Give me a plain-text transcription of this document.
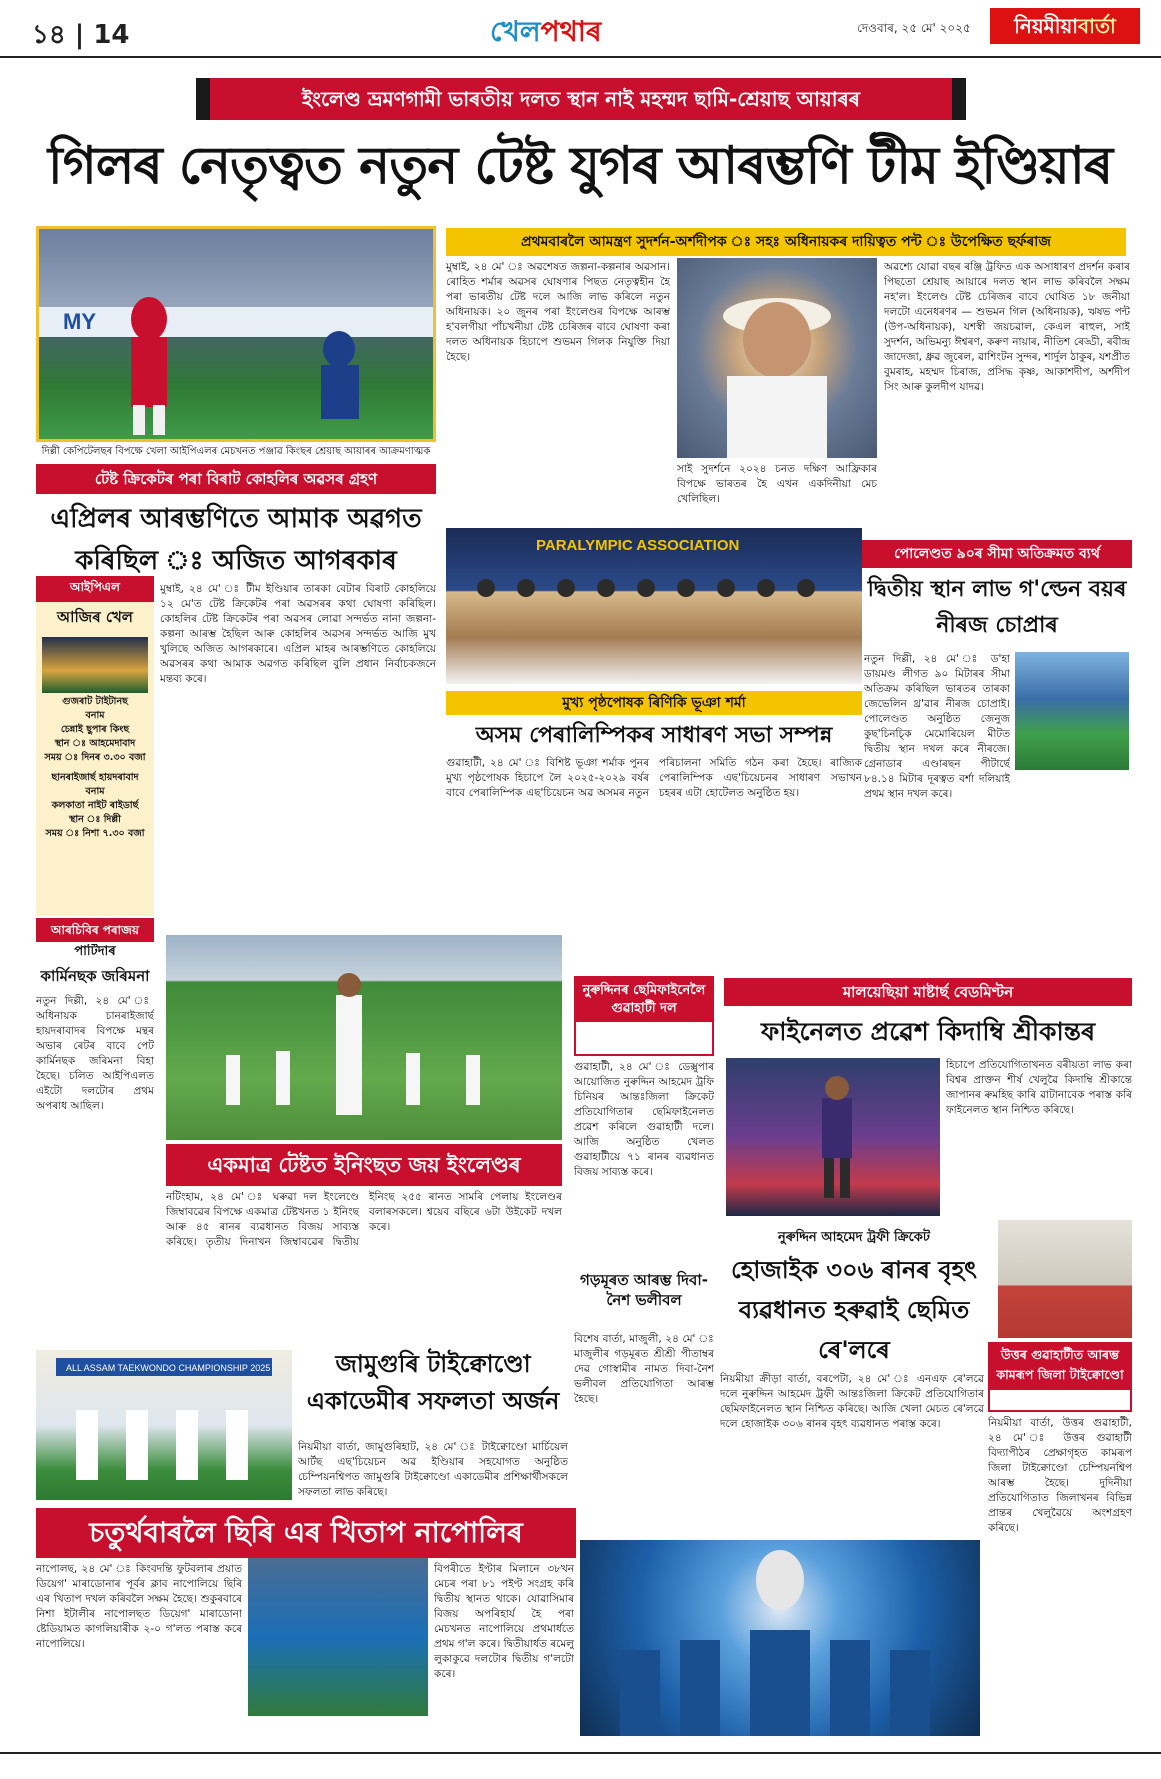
১৪ | 14	খেলপথাৰ	দেওবাৰ, ২৫ মে' ২০২৫	নিয়মীয়াবাৰ্তা
ইংলেণ্ড ভ্ৰমণগামী ভাৰতীয় দলত স্থান নাই মহম্মদ ছামি-শ্ৰেয়াছ আয়াৰৰ
গিলৰ নেতৃত্বত নতুন টেষ্ট যুগৰ আৰম্ভণি টীম ইণ্ডিয়াৰ
MY
দিল্লী কেপিটেলছৰ বিপক্ষে খেলা আইপিএলৰ মেচখনত পঞ্জাৱ কিংছৰ শ্ৰেয়াছ আয়াৰৰ আক্ৰমণাত্মক
টেষ্ট ক্ৰিকেটৰ পৰা বিৰাট কোহলিৰ অৱসৰ গ্ৰহণ
এপ্ৰিলৰ আৰম্ভণিতে আমাক অৱগত কৰিছিল ঃ অজিত আগৰকাৰ
মুম্বাই, ২৪ মে' ঃ টীম ইণ্ডিয়াৰ তাৰকা বেটাৰ বিৰাট কোহলিয়ে ১২ মে'ত টেষ্ট ক্ৰিকেটৰ পৰা অৱসৰৰ কথা ঘোষণা কৰিছিল। কোহলিৰ টেষ্ট ক্ৰিকেটৰ পৰা অৱসৰ লোৱা সন্দৰ্ভত নানা জল্পনা-কল্পনা আৰম্ভ হৈছিল আৰু কোহলিৰ অৱসৰ সন্দৰ্ভত আজি মুখ খুলিছে অজিত আগৰকাৰে। এপ্ৰিল মাহৰ আৰম্ভণিতে কোহলিয়ে অৱসৰৰ কথা আমাক অৱগত কৰিছিল বুলি প্ৰধান নিৰ্বাচকজনে মন্তব্য কৰে।
আইপিএল
আজিৰ খেল
গুজৰাট টাইটানছ
বনাম
চেন্নাই ছুপাৰ কিংছ
স্থান ঃ আহমেদাবাদ
সময় ঃ দিনৰ ৩.৩০ বজা
ছানৰাইজাৰ্ছ হায়দৰাবাদ
বনাম
কলকাতা নাইট ৰাইডাৰ্ছ
স্থান ঃ দিল্লী
সময় ঃ নিশা ৭.৩০ বজা
প্ৰথমবাৰলৈ আমন্ত্ৰণ সুদৰ্শন-অৰ্শদীপক ঃ সহঃ অধিনায়কৰ দায়িত্বত পন্ট ঃ উপেক্ষিত ছৰ্ফৰাজ
মুম্বাই, ২৪ মে' ঃ অৱশেষত জল্পনা-কল্পনাৰ অৱসান। ৰোহিত শৰ্মাৰ অৱসৰ ঘোষণাৰ পিছত নেতৃত্বহীন হৈ পৰা ভাৰতীয় টেষ্ট দলে আজি লাভ কৰিলে নতুন অধিনায়ক। ২০ জুনৰ পৰা ইংলেণ্ডৰ বিপক্ষে আৰম্ভ হ'বলগীয়া পাঁচখনীয়া টেষ্ট চেৰিজৰ বাবে ঘোষণা কৰা দলত অধিনায়ক হিচাপে শুভমন গিলক নিযুক্তি দিয়া হৈছে।
সাই সুদৰ্শনে ২০২৪ চনত দক্ষিণ আফ্ৰিকাৰ বিপক্ষে ভাৰতৰ হৈ এখন একদিনীয়া মেচ খেলিছিল।
অৱশ্যে যোৱা বছৰ ৰঞ্জি ট্ৰফিত এক অসাধাৰণ প্ৰদৰ্শন কৰাৰ পিছতো শ্ৰেয়াছ আয়াৰে দলত স্থান লাভ কৰিবলৈ সক্ষম নহ'ল। ইংলেণ্ড টেষ্ট চেৰিজৰ বাবে ঘোষিত ১৮ জনীয়া দলটো এনেধৰণৰ — শুভমন গিল (অধিনায়ক), ঋষভ পন্ট (উপ-অধিনায়ক), যশস্বী জয়চৱাল, কেএল ৰাহুল, সাই সুদৰ্শন, অভিমন্যু ঈশ্বৰণ, কৰুণ নায়াৰ, নীতিশ ৰেড্ডী, ৰবীন্দ্ৰ জাদেজা, ধ্ৰুৱ জুৰেল, ৱাশিংটন সুন্দৰ, শাৰ্দুল ঠাকুৰ, যশপ্ৰীত বুমৰাহ, মহম্মদ চিৰাজ, প্ৰসিদ্ধ কৃষ্ণ, আকাশদীপ, অৰ্শদীপ সিং আৰু কুলদীপ যাদৱ।
PARALYMPIC ASSOCIATION
মুখ্য পৃষ্ঠপোষক ৰিণিকি ভূঞা শৰ্মা
অসম পেৰালিম্পিকৰ সাধাৰণ সভা সম্পন্ন
গুৱাহাটী, ২৪ মে' ঃ বিশিষ্ট ভূঞা শৰ্মাক পুনৰ মুখ্য পৃষ্ঠপোষক হিচাপে লৈ ২০২৫-২০২৯ বৰ্ষৰ বাবে পেৰালিম্পিক এছ'চিয়েচন অৱ অসমৰ নতুন পৰিচালনা সমিতি গঠন কৰা হৈছে। ৰাজ্যিক পেৰালিম্পিক এছ'চিয়েচনৰ সাধাৰণ সভাখন চহৰৰ এটা হোটেলত অনুষ্ঠিত হয়।
পোলেণ্ডত ৯০ৰ সীমা অতিক্ৰমত ব্যৰ্থ
দ্বিতীয় স্থান লাভ গ'ল্ডেন বয়ৰ নীৰজ চোপ্ৰাৰ
নতুন দিল্লী, ২৪ মে' ঃ ড'হা ডায়মণ্ড লীগত ৯০ মিটাৰৰ সীমা অতিক্ৰম কৰিছিল ভাৰতৰ তাৰকা জেভেলিন থ্ৰ'ৱাৰ নীৰজ চোপ্ৰাই। পোলেণ্ডত অনুষ্ঠিত জেনুজ কুছ'চিনচ্কি মেমোৰিয়েল মীটত দ্বিতীয় স্থান দখল কৰে নীৰজে। গ্ৰেনাডাৰ এণ্ডাৰছন পীটাৰ্ছে ৮৪.১৪ মিটাৰ দূৰত্বত বৰ্শা দলিয়াই প্ৰথম স্থান দখল কৰে।
আৰচিবিৰ পৰাজয়
পাটিদাৰ
কাৰ্মিনছক জৰিমনা
নতুন দিল্লী, ২৪ মে' ঃ অধিনায়ক চানৰাইজাৰ্ছ হায়দৰাবাদৰ বিপক্ষে মন্থৰ অভাৰ ৰেটৰ বাবে পেট কাৰ্মিনছক জৰিমনা বিহা হৈছে। চলিত আইপিএলত এইটো দলটোৰ প্ৰথম অপৰাধ আছিল।
একমাত্ৰ টেষ্টত ইনিংছত জয় ইংলেণ্ডৰ
নটিংহাম, ২৪ মে' ঃ ঘৰুৱা দল ইংলেণ্ডে জিম্বাবৱেৰ বিপক্ষে একমাত্ৰ টেষ্টখনত ১ ইনিংছ আৰু ৪৫ ৰানৰ ব্যৱধানত বিজয় সাব্যস্ত কৰিছে। তৃতীয় দিনাখন জিম্বাবৱেৰ দ্বিতীয় ইনিংছ ২৫৫ ৰানত সামৰি পেলায় ইংলেণ্ডৰ বলাৰসকলে। শ্বয়েব বছিৰে ৬টা উইকেট দখল কৰে।
নুৰুদ্দিনৰ ছেমিফাইনেলৈ গুৱাহাটী দল
গুৱাহাটী, ২৪ মে' ঃ ডেক্সুপাৰ আয়োজিত নুৰুদ্দিন আহমেদ ট্ৰফি চিনিয়ৰ আন্তঃজিলা ক্ৰিকেট প্ৰতিযোগিতাৰ ছেমিফাইনেলত প্ৰৱেশ কৰিলে গুৱাহাটী দলে। আজি অনুষ্ঠিত খেলত গুৱাহাটীয়ে ৭১ ৰানৰ ব্যৱধানত বিজয় সাব্যস্ত কৰে।
গড়মূৰত আৰম্ভ দিবা-নৈশ ভলীবল
বিশেষ বাৰ্তা, মাজুলী, ২৪ মে' ঃ মাজুলীৰ গড়মূৰত শ্ৰীশ্ৰী পীতাম্বৰ দেৱ গোস্বামীৰ নামত দিবা-নৈশ ভলীবল প্ৰতিযোগিতা আৰম্ভ হৈছে।
মালয়েছিয়া মাষ্টাৰ্ছ বেডমিণ্টন
ফাইনেলত প্ৰৱেশ কিদাম্বি শ্ৰীকান্তৰ
হিচাপে প্ৰতিযোগিতাখনত বৰীয়তা লাভ কৰা বিশ্বৰ প্ৰাক্তন শীৰ্ষ খেলুৱৈ কিদাম্বি শ্ৰীকান্তে জাপানৰ ৰুমহিছ কাৰি ৱাটানাবেক পৰাস্ত কৰি ফাইনেলত স্থান নিশ্চিত কৰিছে।
নুৰুদ্দিন আহমেদ ট্ৰফী ক্ৰিকেট
হোজাইক ৩০৬ ৰানৰ বৃহৎ ব্যৱধানত হৰুৱাই ছেমিত ৰে'লৰে
নিয়মীয়া ক্ৰীড়া বাৰ্তা, বৰপেটা, ২৪ মে' ঃ এনএফ ৰে'লৱে দলে নুৰুদ্দিন আহমেদ ট্ৰফী আন্তঃজিলা ক্ৰিকেট প্ৰতিযোগিতাৰ ছেমিফাইনেলত স্থান নিশ্চিত কৰিছে। আজি খেলা মেচত ৰে'লৱে দলে হোজাইক ৩০৬ ৰানৰ বৃহৎ ব্যৱধানত পৰাস্ত কৰে।
উত্তৰ গুৱাহাটীত আৰম্ভ কামৰূপ জিলা টাইক্বোণ্ডো
নিয়মীয়া বাৰ্তা, উত্তৰ গুৱাহাটী, ২৪ মে' ঃ উত্তৰ গুৱাহাটী বিদ্যাপীঠৰ প্ৰেক্ষাগৃহত কামৰূপ জিলা টাইক্বোণ্ডো চেম্পিয়নশ্বিপ আৰম্ভ হৈছে। দুদিনীয়া প্ৰতিযোগিতাত জিলাখনৰ বিভিন্ন প্ৰান্তৰ খেলুৱৈয়ে অংশগ্ৰহণ কৰিছে।
ALL ASSAM TAEKWONDO CHAMPIONSHIP 2025	জামুগুৰি টাইক্বোণ্ডো একাডেমীৰ সফলতা অৰ্জন
নিয়মীয়া বাৰ্তা, জামুগুৰিহাট, ২৪ মে' ঃ টাইক্বোণ্ডো মাৰ্চিয়েল আৰ্টছ এছ'চিয়েচন অৱ ইণ্ডিয়াৰ সহযোগত অনুষ্ঠিত চেম্পিয়নশ্বিপত জামুগুৰি টাইক্বোণ্ডো একাডেমীৰ প্ৰশিক্ষাৰ্থীসকলে সফলতা লাভ কৰিছে।
চতুৰ্থবাৰলৈ ছিৰি এৰ খিতাপ নাপোলিৰ
নাপোলছ, ২৪ মে' ঃ কিংবদন্তি ফুটবলাৰ প্ৰয়াত ডিয়েগ' মাৰাডোনাৰ পূৰ্বৰ ক্লাব নাপোলিয়ে ছিৰি এৰ খিতাপ দখল কৰিবলৈ সক্ষম হৈছে। শুকুৰবাৰে নিশা ইটালীৰ নাপোলছত ডিয়েগ' মাৰাডোনা ষ্টেডিয়ামত কাগলিয়াৰীক ২-০ গ'লত পৰাস্ত কৰে নাপোলিয়ে।
বিপৰীতে ইণ্টাৰ মিলানে ৩৮খন মেচৰ পৰা ৮১ পইণ্ট সংগ্ৰহ কৰি দ্বিতীয় স্থানত থাকে। যোৱাসিমাৰ বিজয় অপৰিহাৰ্য হৈ পৰা মেচখনত নাপোলিয়ে প্ৰথমাৰ্ধতে প্ৰথম গ'ল কৰে। দ্বিতীয়াৰ্ধত ৰমেলু লুকাকুৱে দলটোৰ দ্বিতীয় গ'লটো কৰে।
